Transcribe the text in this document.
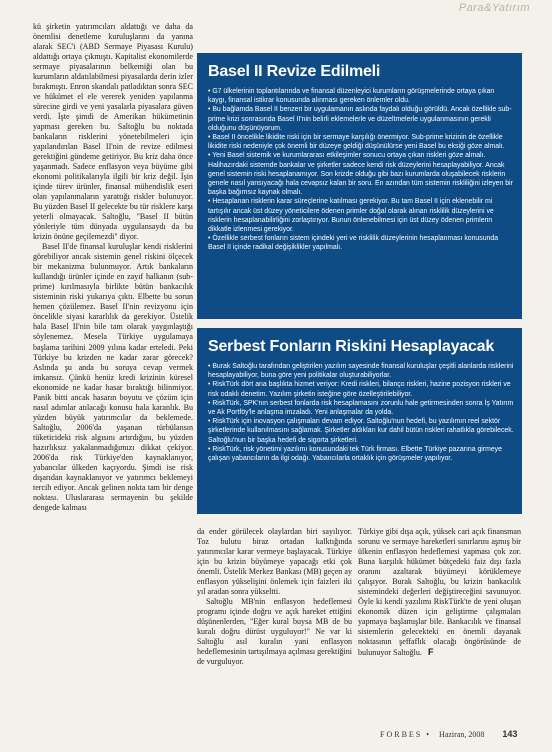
Para&Yatırım

kü şirketin yatırımcıları aldattığı ve daha da önemlisi denetleme kuruluşlarını da yanına alarak SEC'i (ABD Sermaye Piyasası Kurulu) aldattığı ortaya çıkmıştı. Kapitalist ekonomilerde sermaye piyasalarının belkemiği olan bu kurumların aldatılabilmesi piyasalarda derin izler bırakmıştı. Enron skandalı patladıktan sonra SEC ve hükümet el ele vererek yeniden yapılanma sürecine girdi ve yeni yasalarla piyasalara güven verdi. İşte şimdi de Amerikan hükümetinin yapması gereken bu. Saltoğlu bu noktada bankaların risklerini yönetebilmeleri için yapılandırılan Basel II'nin de revize edilmesi gerektiğini gündeme getiriyor. Bu kriz daha önce yaşanmadı. Sadece enflasyon veya büyüme gibi ekonomi politikalarıyla ilgili bir kriz değil. İşin içinde türev ürünler, finansal mühendislik eseri olan yapılanmaların yarattığı riskler bulunuyor. Bu yüzden Basel II gelecekte bu tür risklere karşı yeterli olmayacak. Saltoğlu, "Basel II bütün yönleriyle tüm dünyada uygulansaydı da bu krizin önüne geçilemezdi" diyor.

Basel II'de finansal kuruluşlar kendi risklerini görebiliyor ancak sistemin genel riskini ölçecek bir mekanizma bulunmuyor. Artık bankaların kullandığı ürünler içinde en zayıf halkanın (sub-prime) kırılmasıyla birlikte bütün bankacılık sisteminin riski yukarıya çıktı. Elbette bu sorun hemen çözülemez. Basel II'nin revizyonu için öncelikle siyasi kararlılık da gerekiyor. Üstelik hala Basel II'nin bile tam olarak yaygınlaştığı söylenemez. Mesela Türkiye uygulamaya başlama tarihini 2009 yılına kadar erteledi. Peki Türkiye bu krizden ne kadar zarar görecek? Aslında şu anda bu soruya cevap vermek imkansız. Çünkü henüz kredi krizinin küresel ekonomide ne kadar hasar bıraktığı bilinmiyor. Panik bitti ancak hasarın boyutu ve çözüm için nasıl adımlar atılacağı konusu hala karanlık. Bu yüzden büyük yatırımcılar da beklemede. Saltoğlu, 2006'da yaşanan türbülansın tüketicideki risk algısını artırdığını, bu yüzden hazırlıksız yakalanmadığımızı dikkat çekiyor. 2006'da risk Türkiye'den kaynaklanıyor, yabancılar ülkeden kaçıyordu. Şimdi ise risk dışarıdan kaynaklanıyor ve yatırımcı beklemeyi tercih ediyor. Ancak gelinen nokta tam bir denge noktası. Uluslararası sermayenin bu şekilde dengede kalması

Basel II Revize Edilmeli

• G7 ülkelerinin toplantılarında ve finansal düzenleyici kurumların görüşmelerinde ortaya çıkan kaygı, finansal istikrar konusunda alınması gereken önlemler oldu.

• Bu bağlamda Basel II benzeri bir uygulamanın aslında faydalı olduğu görüldü. Ancak özellikle sub-prime krizi sonrasında Basel II'nin belirli eklemelerle ve düzeltmelerle uygulanmasının gerekli olduğunu düşünüyorum.

• Basel II öncelikle likidite riski için bir sermaye karşılığı önermiyor. Sub-prime krizinin de özellikle likidite riski nedeniyle çok önemli bir düzeye geldiği düşünülürse yeni Basel bu eksiği göze almalı.

• Yeni Basel sistemik ve kurumlararası etkileşimler sonucu ortaya çıkan riskleri göze almalı. Halihazırdaki sistemde bankalar ve şirketler sadece kendi risk düzeylerini hesaplayabiliyor. Ancak genel sistemin riski hesaplanamıyor. Son krizde olduğu gibi bazı kurumlarda oluşabilecek risklerin genele nasıl yansıyacağı hala cevapsız kalan bir soru. En azından tüm sistemin riskliliğini izleyen bir başka bağımsız kaynak olmalı.

• Hesaplanan risklerin karar süreçlerine katılması gerekiyor. Bu tam Basel II için eklenebilir mi tartışılır ancak üst düzey yöneticilere ödenen primler doğal olarak alınan risklilik düzeylerini ve risklerin hesaplanabilirliğini zorlaştırıyor. Bunun önlenebilmesi için üst düzey ödenen primlerin dikkatle izlenmesi gerekiyor.

• Özellikle serbest fonların sistem içindeki yeri ve risklilik düzeylerinin hesaplanması konusunda Basel II içinde radikal değişiklikler yapılmalı.

Serbest Fonların Riskini Hesaplayacak

• Burak Saltoğlu tarafından geliştirilen yazılım sayesinde finansal kuruluşlar çeşitli alanlarda risklerini hesaplayabiliyor, buna göre yeni politikalar oluşturabiliyorlar.

• RiskTürk dört ana başlıkta hizmet veriyor: Kredi riskleri, bilanço riskleri, hazine pozisyon riskleri ve risk odaklı denetim. Yazılım şirketin isteğine göre özelleştirilebiliyor.

• RiskTürk, SPK'nın serbest fonlarda risk hesaplamasını zorunlu hale getirmesinden sonra İş Yatırım ve Ak Portföy'le anlaşma imzaladı. Yeni anlaşmalar da yolda.

• RiskTürk için inovasyon çalışmaları devam ediyor. Saltoğlu'nun hedefi, bu yazılımın reel sektör şirketlerinde kullanılmasını sağlamak. Şirketler aldıkları kur dahil bütün riskleri rahatlıkla görebilecek. Saltoğlu'nun bir başka hedefi de sigorta şirketleri.

• RiskTürk, risk yönetimi yazılımı konusundaki tek Türk firması. Elbette Türkiye pazarına girmeye çalışan yabancıların da ilgi odağı. Yabancılarla ortaklık için görüşmeler yapılıyor.

da ender görülecek olaylardan biri sayılıyor. Toz bulutu biraz ortadan kalktığında yatırımcılar karar vermeye başlayacak. Türkiye için bu krizin büyümeye yapacağı etki çok önemli. Üstelik Merkez Bankası (MB) geçen ay enflasyon yükselişini önlemek için faizleri iki yıl aradan sonra yükseltti.

Saltoğlu MB'nin enflasyon hedeflemesi programı içinde doğru ve açık hareket ettiğini düşünenlerden, "Eğer kural buysa MB de bu kuralı doğru dürüst uyguluyor!" Ne var ki Saltoğlu asıl kuralın yani enflasyon hedeflemesinin tartışılmaya açılması gerektiğini de vurguluyor.

Türkiye gibi dışa açık, yüksek cari açık finansman sorunu ve sermaye hareketleri sınırlarını aşmış bir ülkenin enflasyon hedeflemesi yapması çok zor. Buna karşılık hükümet bütçedeki faiz dışı fazla oranını azaltarak büyümeyi körüklemeye çalışıyor. Burak Saltoğlu, bu krizin bankacılık sistemindeki değerleri değiştireceğini savunuyor. Öyle ki kendi yazılımı RiskTürk'te de yeni oluşan ekonomik düzen için geliştirme çalışmaları yapmaya başlamışlar bile. Bankacılık ve finansal sistemlerin gelecekteki en önemli dayanak noktasının şeffaflık olacağı öngörüsünde de bulunuyor Saltoğlu. F

FORBES • Haziran, 2008 143
